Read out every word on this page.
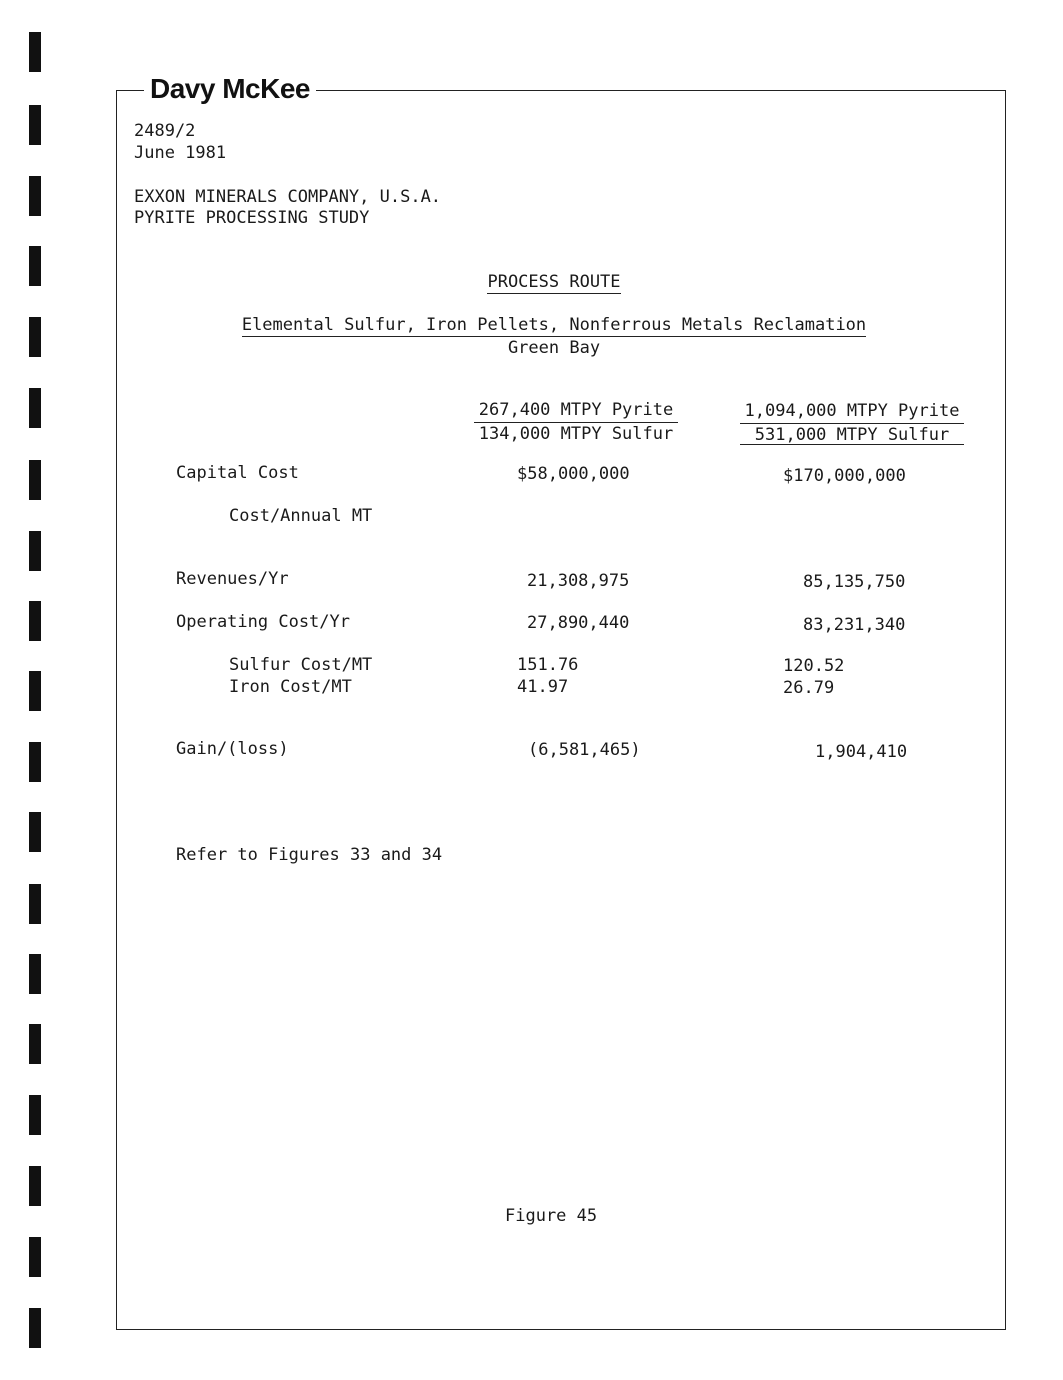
Davy McKee
2489/2
June 1981
EXXON MINERALS COMPANY, U.S.A.
PYRITE PROCESSING STUDY
PROCESS ROUTE
Elemental Sulfur, Iron Pellets, Nonferrous Metals Reclamation
Green Bay
267,400 MTPY Pyrite
134,000 MTPY Sulfur
1,094,000 MTPY Pyrite
531,000 MTPY Sulfur
Capital Cost
Cost/Annual MT
Revenues/Yr
Operating Cost/Yr
Sulfur Cost/MT
Iron Cost/MT
Gain/(loss)
$58,000,000
21,308,975
27,890,440
151.76
41.97
(6,581,465)
$170,000,000
85,135,750
83,231,340
120.52
26.79
1,904,410
Refer to Figures 33 and 34
Figure 45
